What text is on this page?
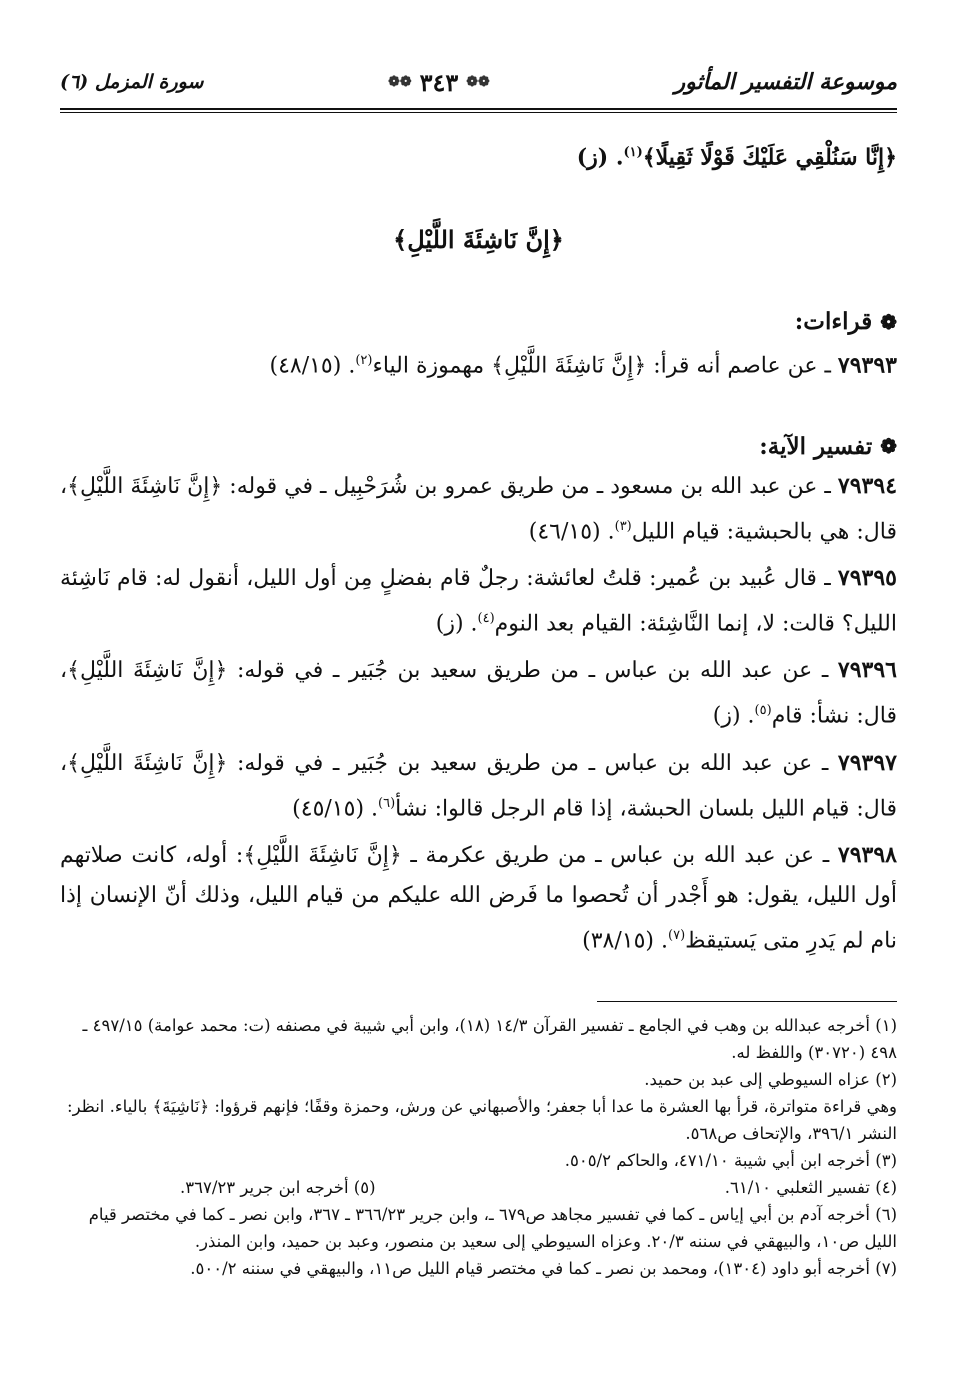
موسوعة التفسير المأثور
❁❁
٣٤٣
❁❁
سورة المزمل (٦)

﴿إِنَّا سَنُلْقِي عَلَيْكَ قَوْلًا ثَقِيلًا﴾$^{(١)}$. (ز)

﴿إِنَّ نَاشِئَةَ اللَّيْلِ﴾
❁
قراءات:

٧٩٣٩٣ ـ عن عاصم أنه قرأ: ﴿إِنَّ نَاشِئَةَ اللَّيْلِ﴾ مهموزة الياء$^{(٢)}$. (٤٨/١٥)

❁
تفسير الآية:

٧٩٣٩٤ ـ عن عبد الله بن مسعود ـ من طريق عمرو بن شُرَحْبِيل ـ في قوله: ﴿إِنَّ نَاشِئَةَ اللَّيْلِ﴾، قال: هي بالحبشية: قيام الليل$^{(٣)}$. (٤٦/١٥)

٧٩٣٩٥ ـ قال عُبيد بن عُمير: قلتُ لعائشة: رجلٌ قام بفضلٍ مِن أول الليل، أنقول له: قام نَاشِئة الليل؟ قالت: لا، إنما النَّاشِئة: القيام بعد النوم$^{(٤)}$. (ز)

٧٩٣٩٦ ـ عن عبد الله بن عباس ـ من طريق سعيد بن جُبَير ـ في قوله: ﴿إِنَّ نَاشِئَةَ اللَّيْلِ﴾، قال: نشأ: قام$^{(٥)}$. (ز)

٧٩٣٩٧ ـ عن عبد الله بن عباس ـ من طريق سعيد بن جُبَير ـ في قوله: ﴿إِنَّ نَاشِئَةَ اللَّيْلِ﴾، قال: قيام الليل بلسان الحبشة، إذا قام الرجل قالوا: نشأ$^{(٦)}$. (٤٥/١٥)

٧٩٣٩٨ ـ عن عبد الله بن عباس ـ من طريق عكرمة ـ ﴿إِنَّ نَاشِئَةَ اللَّيْلِ﴾: أوله، كانت صلاتهم أول الليل، يقول: هو أَجْدر أن تُحصوا ما فَرض الله عليكم من قيام الليل، وذلك أنّ الإنسان إذا نام لم يَدرِ متى يَستيقظ$^{(٧)}$. (٣٨/١٥)

(١) أخرجه عبدالله بن وهب في الجامع ـ تفسير القرآن ١٤/٣ (١٨)، وابن أبي شيبة في مصنفه (ت: محمد عوامة) ٤٩٧/١٥ ـ ٤٩٨ (٣٠٧٢٠) واللفظ له.

(٢) عزاه السيوطي إلى عبد بن حميد.

وهي قراءة متواترة، قرأ بها العشرة ما عدا أبا جعفر؛ والأصبهاني عن ورش، وحمزة وقفًا؛ فإنهم قرؤوا: ﴿نَاشِيَةَ﴾ بالياء. انظر: النشر ٣٩٦/١، والإتحاف ص٥٦٨.

(٣) أخرجه ابن أبي شيبة ٤٧١/١٠، والحاكم ٥٠٥/٢.

(٤) تفسير الثعلبي ٦١/١٠.
(٥) أخرجه ابن جرير ٣٦٧/٢٣.

(٦) أخرجه آدم بن أبي إياس ـ كما في تفسير مجاهد ص٦٧٩ ـ، وابن جرير ٣٦٦/٢٣ ـ ٣٦٧، وابن نصر ـ كما في مختصر قيام الليل ص١٠، والبيهقي في سننه ٢٠/٣. وعزاه السيوطي إلى سعيد بن منصور، وعبد بن حميد، وابن المنذر.

(٧) أخرجه أبو داود (١٣٠٤)، ومحمد بن نصر ـ كما في مختصر قيام الليل ص١١، والبيهقي في سننه ٥٠٠/٢.
